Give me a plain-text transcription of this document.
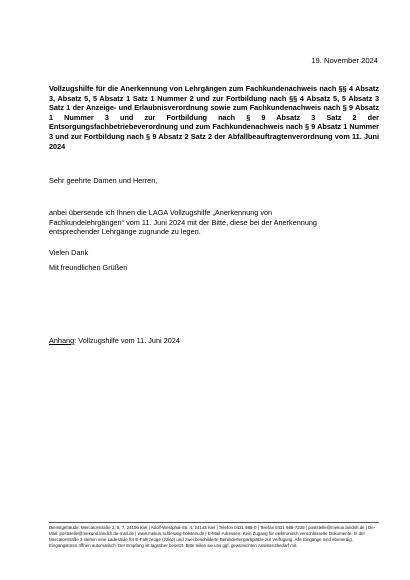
19. November 2024
Vollzugshilfe für die Anerkennung von Lehrgängen zum Fachkundenachweis nach §§ 4 Absatz 3, Absatz 5, 5 Absatz 1 Satz 1 Nummer 2 und zur Fortbildung nach §§ 4 Absatz 5, 5 Absatz 3 Satz 1 der Anzeige- und Erlaubnisverordnung sowie zum Fachkundenachweis nach § 9 Absatz 1 Nummer 3 und zur Fortbildung nach § 9 Absatz 3 Satz 2 der Entsorgungsfachbetriebeverordnung und zum Fachkundenachweis nach § 9 Absatz 1 Nummer 3 und zur Fortbildung nach § 9 Absatz 2 Satz 2 der Abfallbeauftragtenverordnung vom 11. Juni 2024
Sehr geehrte Damen und Herren,
anbei übersende ich Ihnen die LAGA Vollzugshilfe „Anerkennung von Fachkundelehrgängen“ vom 11. Juni 2024 mit der Bitte, diese bei der Anerkennung entsprechender Lehrgänge zugrunde zu legen.
Vielen Dank
Mit freundlichen Grüßen
Anhang: Vollzugshilfe vom 11. Juni 2024
Dienstgebäude: Mercatorstraße 3, 5, 7, 24106 Kiel | Adolf-Westphal-Str. 4, 24143 Kiel | Telefon 0431 988-0 | Telefax 0431 988-7239 | poststelle@mekun.landsh.de | De-Mail: poststelle@mekund.landsh.de-mail.de | www.mekun.schleswig-holstein.de | E-Mail-Adressen: Kein Zugang für elektronisch verschlüsselte Dokumente. In der Mercatorstraße 3 stehen eine Ladesäule für E-Fahrzeuge (22kw) und zwei beschilderte Behindertenparkplätze zur Verfügung. Alle Eingänge sind ebenerdig. Eingangstüren öffnen automatisch. Der Empfang ist tagsüber besetzt. Bitte teilen sie uns ggf. gewünschten Assistenzbedarf mit.
